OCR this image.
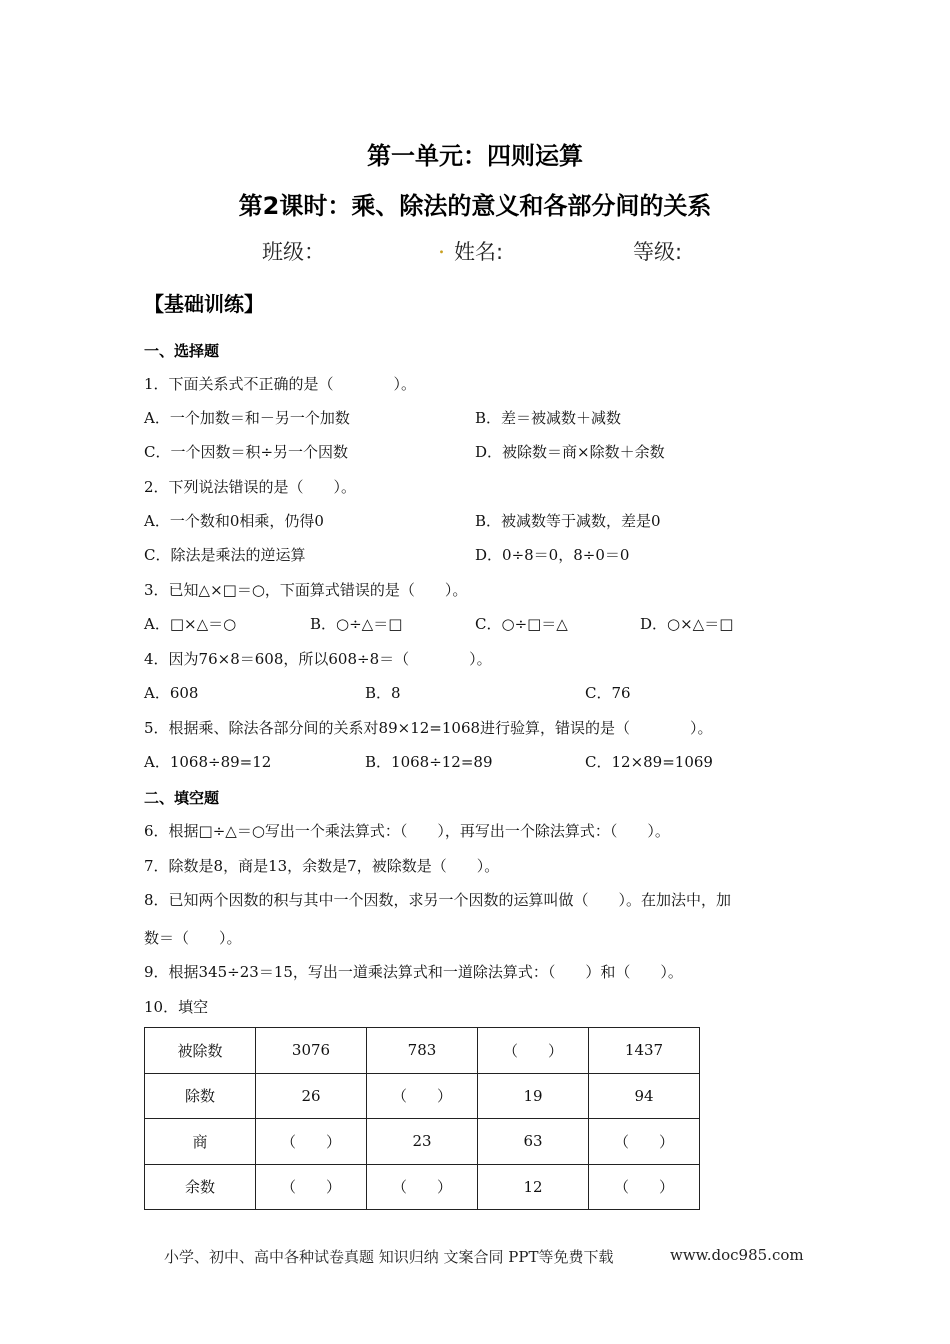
第一单元：四则运算
第2课时：乘、除法的意义和各部分间的关系
班级：	. 姓名:	等级:
【基础训练】
一、选择题
1．下面关系式不正确的是（　　　　）。
A．一个加数＝和－另一个加数	B．差＝被减数＋减数
C．一个因数＝积÷另一个因数	D．被除数＝商×除数＋余数
2．下列说法错误的是（　　）。
A．一个数和0相乘，仍得0	B．被减数等于减数，差是0
C．除法是乘法的逆运算	D．0÷8＝0，8÷0＝0
3．已知△×□＝○，下面算式错误的是（　　）。
A．□×△＝○	B．○÷△＝□	C．○÷□＝△	D．○×△＝□
4．因为76×8＝608，所以608÷8＝（　　　　）。
A．608	B．8	C．76
5．根据乘、除法各部分间的关系对89×12=1068进行验算，错误的是（　　　　）。
A．1068÷89=12	B．1068÷12=89	C．12×89=1069
二、填空题
6．根据□÷△＝○写出一个乘法算式：（　　），再写出一个除法算式：（　　）。
7．除数是8，商是13，余数是7，被除数是（　　）。
8．已知两个因数的积与其中一个因数，求另一个因数的运算叫做（　　）。在加法中，加
数＝（　　）。
9．根据345÷23＝15，写出一道乘法算式和一道除法算式：（　　）和（　　）。
10．填空
被除数	3076	783	（　　）	1437
除数	26	（　　）	19	94
商	（　　）	23	63	（　　）
余数	（　　）	（　　）	12	（　　）
小学、初中、高中各种试卷真题 知识归纳 文案合同 PPT等免费下载	www.doc985.com
